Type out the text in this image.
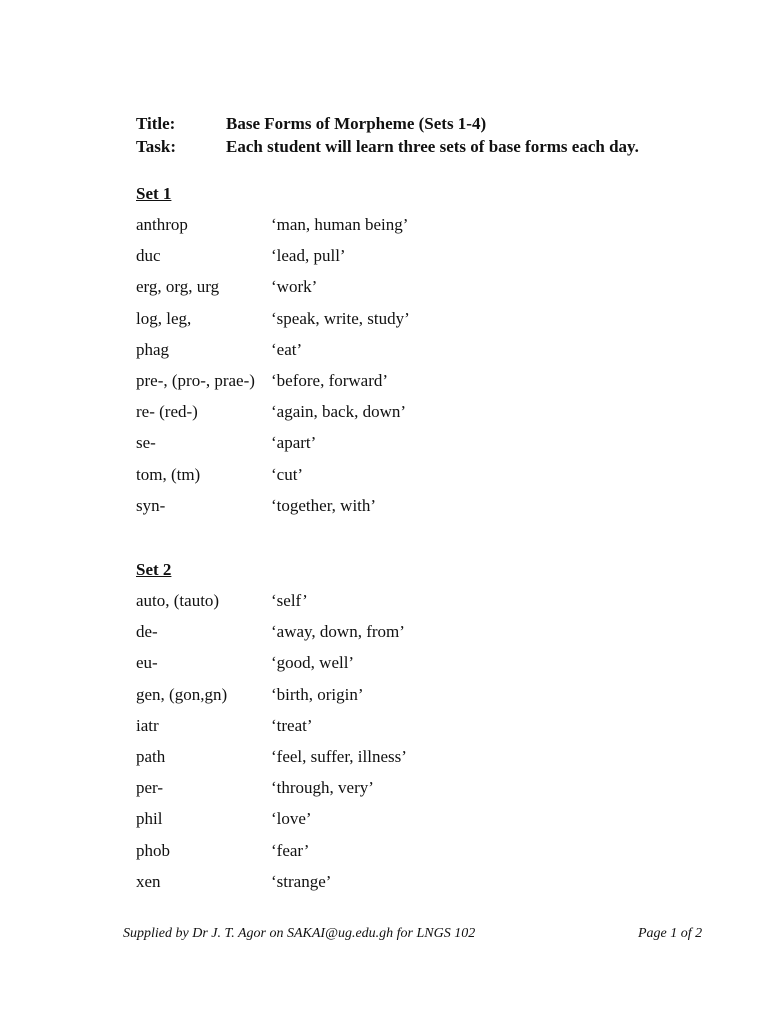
Title:	Base Forms of Morpheme (Sets 1-4)
Task:	Each student will learn three sets of base forms each day.
Set 1
anthrop	‘man, human being’
duc	‘lead, pull’
erg, org, urg	‘work’
log, leg,	‘speak, write, study’
phag	‘eat’
pre-, (pro-, prae-) ‘before, forward’
re- (red-)	‘again, back, down’
se-	‘apart’
tom, (tm)	‘cut’
syn-	‘together, with’
Set 2
auto, (tauto)	‘self’
de-	‘away, down, from’
eu-	‘good, well’
gen, (gon,gn)	‘birth, origin’
iatr	‘treat’
path	‘feel, suffer, illness’
per-	‘through, very’
phil	‘love’
phob	‘fear’
xen	‘strange’
Supplied by Dr J. T. Agor on SAKAI@ug.edu.gh for LNGS 102	Page 1 of 2
